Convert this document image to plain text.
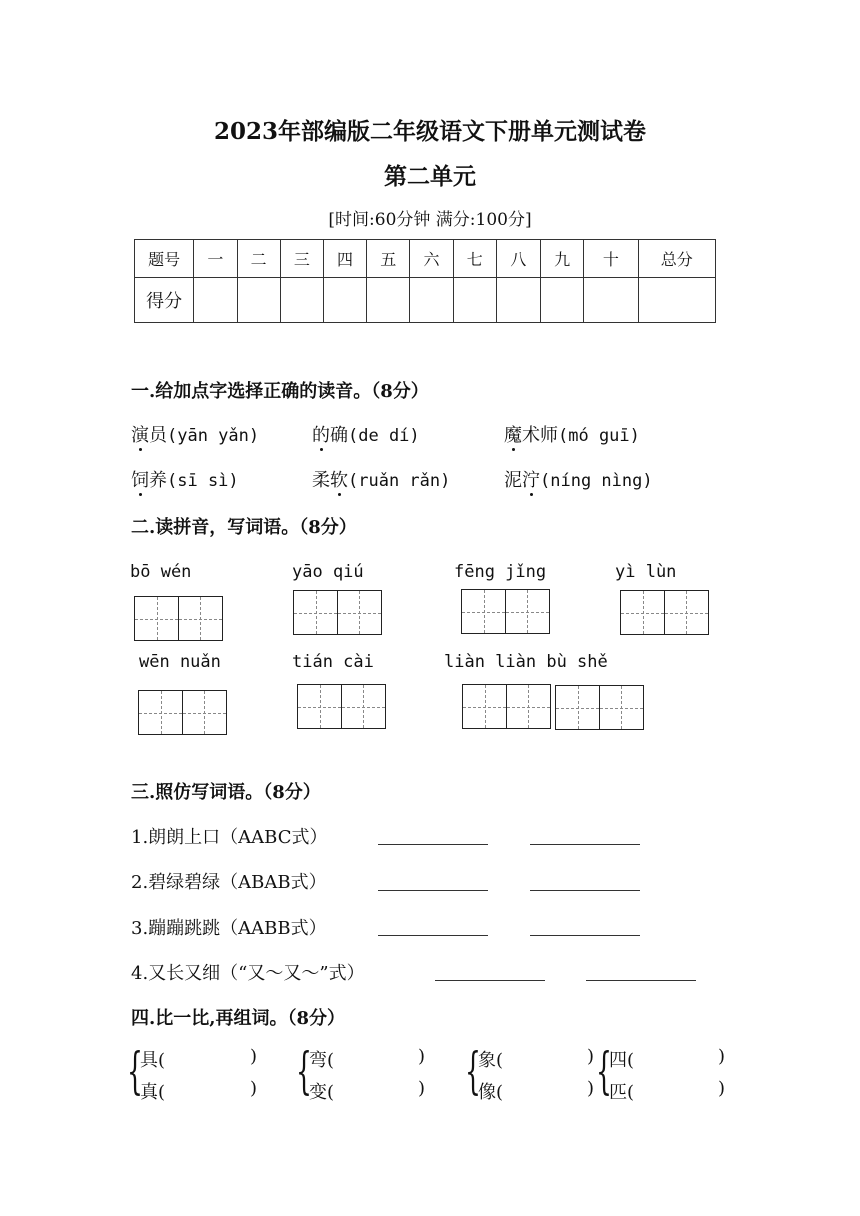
2023年部编版二年级语文下册单元测试卷
第二单元
[时间:60分钟 满分:100分]
题号	一	二	三	四	五	六	七	八	九	十	总分
得分											
一.给加点字选择正确的读音。（8分）
演员(yān yǎn)	的确(de dí)	魔术师(mó guī)
饲养(sī sì)	柔软(ruǎn rǎn)	泥泞(níng nìng)
二.读拼音，写词语。（8分）
bō wén	yāo qiú	fēng jǐng	yì lùn
wēn nuǎn	tián cài	liàn liàn bù shě
三.照仿写词语。（8分）
1.朗朗上口（AABC式）
2.碧绿碧绿（ABAB式）
3.蹦蹦跳跳（AABB式）
4.又长又细（“又～又～”式）
四.比一比,再组词。（8分）
{
具(	)
真(	) {
弯(	)
变(	) {
象(	)
像(	) {
四(	)
匹(	)
